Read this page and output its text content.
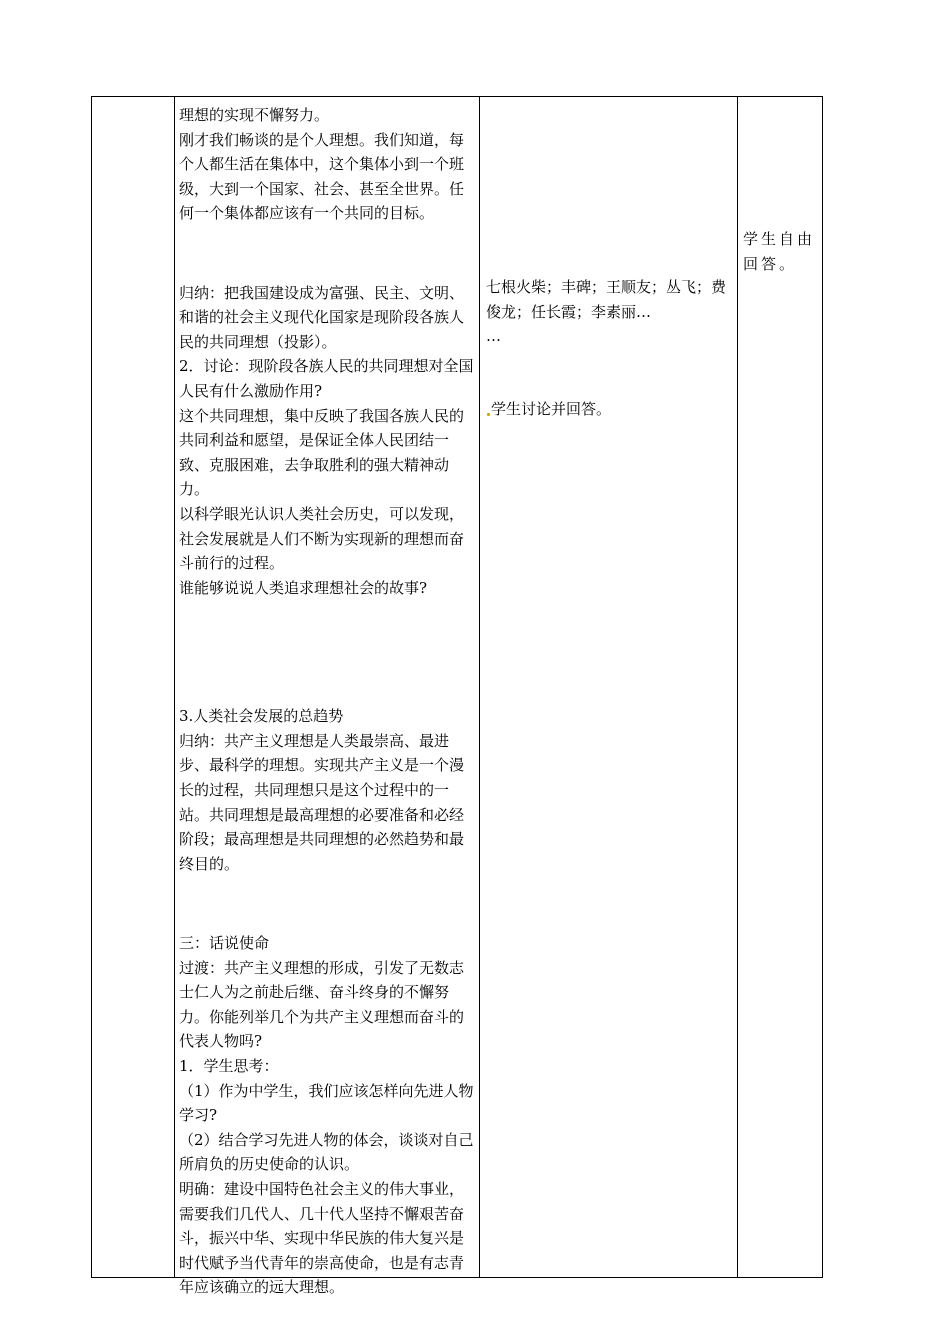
理想的实现不懈努力。

刚才我们畅谈的是个人理想。我们知道，每个人都生活在集体中，这个集体小到一个班级，大到一个国家、社会、甚至全世界。任何一个集体都应该有一个共同的目标。

归纳：把我国建设成为富强、民主、文明、和谐的社会主义现代化国家是现阶段各族人民的共同理想（投影）。

2．讨论：现阶段各族人民的共同理想对全国人民有什么激励作用?

这个共同理想，集中反映了我国各族人民的共同利益和愿望，是保证全体人民团结一致、克服困难，去争取胜利的强大精神动力。

以科学眼光认识人类社会历史，可以发现，社会发展就是人们不断为实现新的理想而奋斗前行的过程。

谁能够说说人类追求理想社会的故事?

3.人类社会发展的总趋势

归纳：共产主义理想是人类最崇高、最进步、最科学的理想。实现共产主义是一个漫长的过程，共同理想只是这个过程中的一站。共同理想是最高理想的必要准备和必经阶段；最高理想是共同理想的必然趋势和最终目的。

三：话说使命

过渡：共产主义理想的形成，引发了无数志士仁人为之前赴后继、奋斗终身的不懈努力。你能列举几个为共产主义理想而奋斗的代表人物吗?

1．学生思考：

（1）作为中学生，我们应该怎样向先进人物学习?

（2）结合学习先进人物的体会，谈谈对自己所肩负的历史使命的认识。

明确：建设中国特色社会主义的伟大事业，需要我们几代人、几十代人坚持不懈艰苦奋斗，振兴中华、实现中华民族的伟大复兴是时代赋予当代青年的崇高使命，也是有志青年应该确立的远大理想。

七根火柴；丰碑；王顺友；丛飞；费俊龙；任长霞；李素丽…

…

学生讨论并回答。

学生自由回答。
